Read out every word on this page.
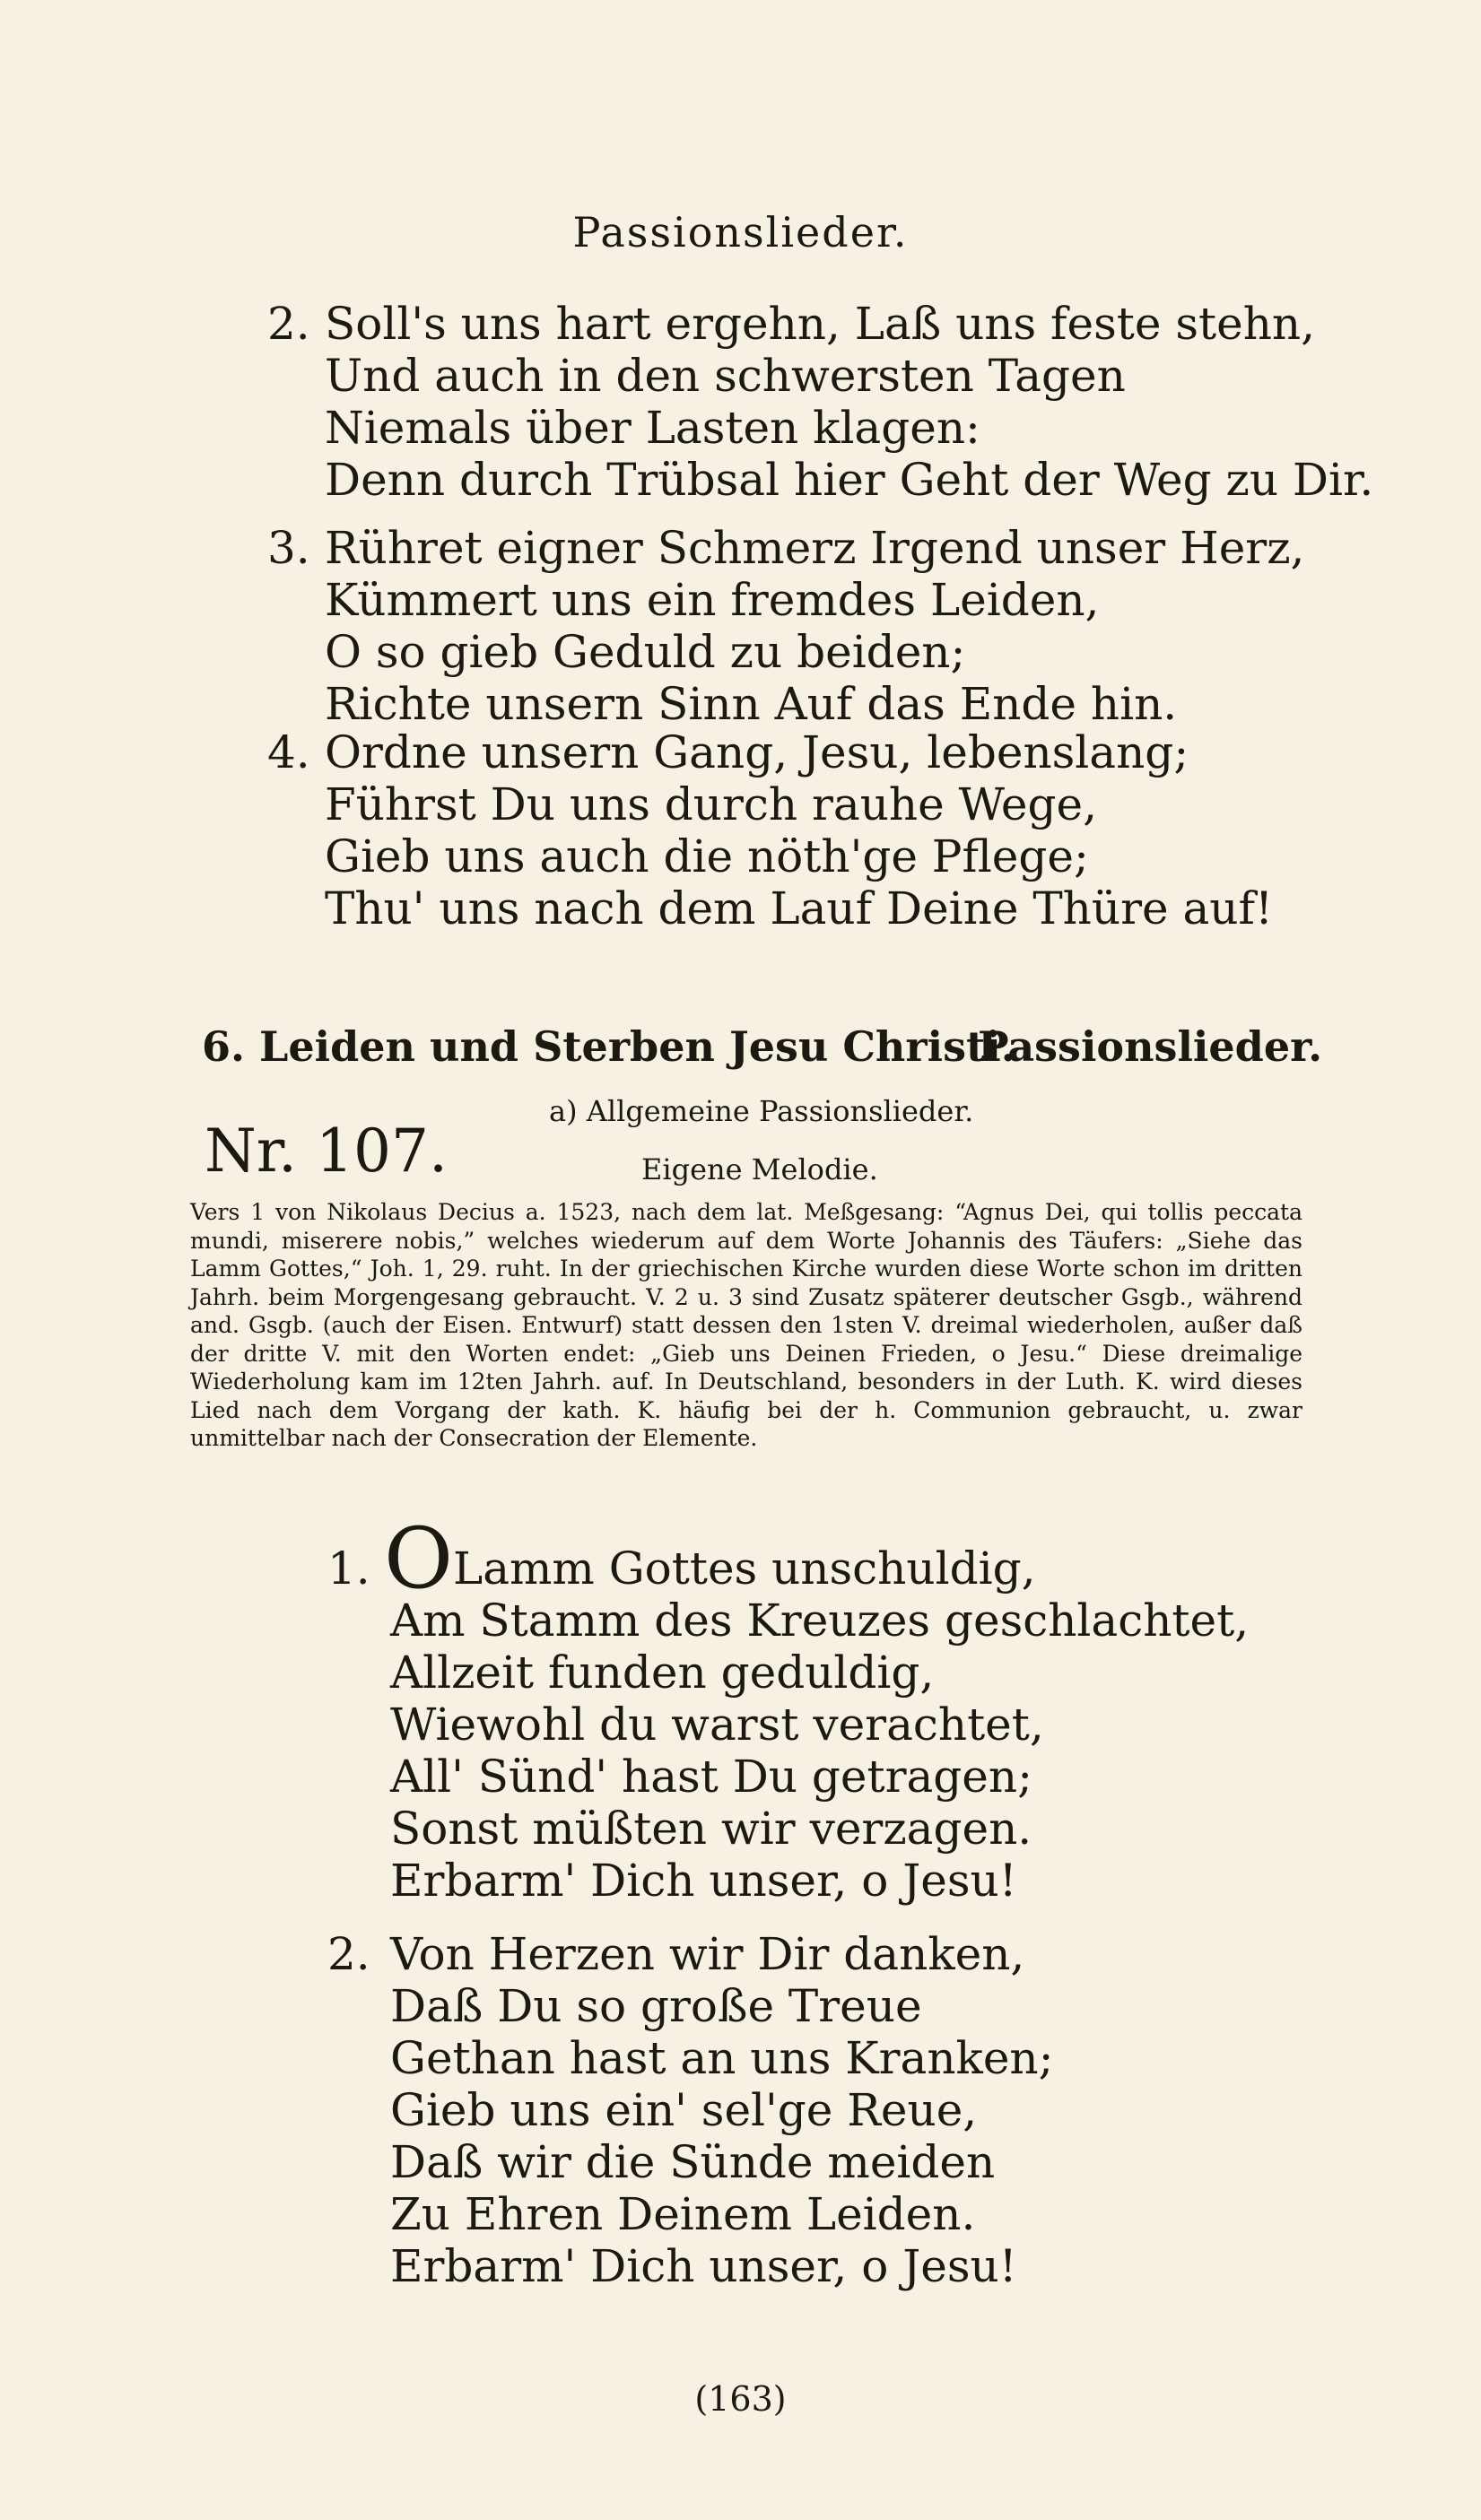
Passionslieder.
2. Soll's uns hart ergehn, Laß uns feste stehn,
Und auch in den schwersten Tagen
Niemals über Lasten klagen:
Denn durch Trübsal hier Geht der Weg zu Dir.
3. Rühret eigner Schmerz Irgend unser Herz,
Kümmert uns ein fremdes Leiden,
O so gieb Geduld zu beiden;
Richte unsern Sinn Auf das Ende hin.
4. Ordne unsern Gang, Jesu, lebenslang;
Führst Du uns durch rauhe Wege,
Gieb uns auch die nöth'ge Pflege;
Thu' uns nach dem Lauf Deine Thüre auf!
6. Leiden und Sterben Jesu Christi.
Passionslieder.
a) Allgemeine Passionslieder.
Nr. 107.	Eigene Melodie.

Vers 1 von Nikolaus Decius a. 1523, nach dem lat. Meßgesang: “Agnus Dei, qui tollis peccata mundi, miserere nobis,” welches wiederum auf dem Worte Johannis des Täufers: „Siehe das Lamm Gottes,“ Joh. 1, 29. ruht. In der griechischen Kirche wurden diese Worte schon im dritten Jahrh. beim Morgengesang gebraucht. V. 2 u. 3 sind Zusatz späterer deutscher Gsgb., während and. Gsgb. (auch der Eisen. Entwurf) statt dessen den 1sten V. dreimal wiederholen, außer daß der dritte V. mit den Worten endet: „Gieb uns Deinen Frieden, o Jesu.“ Diese dreimalige Wiederholung kam im 12ten Jahrh. auf. In Deutschland, besonders in der Luth. K. wird dieses Lied nach dem Vorgang der kath. K. häufig bei der h. Communion gebraucht, u. zwar unmittelbar nach der Consecration der Elemente.

1. O Lamm Gottes unschuldig,
Am Stamm des Kreuzes geschlachtet,
Allzeit funden geduldig,
Wiewohl du warst verachtet,
All' Sünd' hast Du getragen;
Sonst müßten wir verzagen.
Erbarm' Dich unser, o Jesu!
2. Von Herzen wir Dir danken,
Daß Du so große Treue
Gethan hast an uns Kranken;
Gieb uns ein' sel'ge Reue,
Daß wir die Sünde meiden
Zu Ehren Deinem Leiden.
Erbarm' Dich unser, o Jesu!
(163)
